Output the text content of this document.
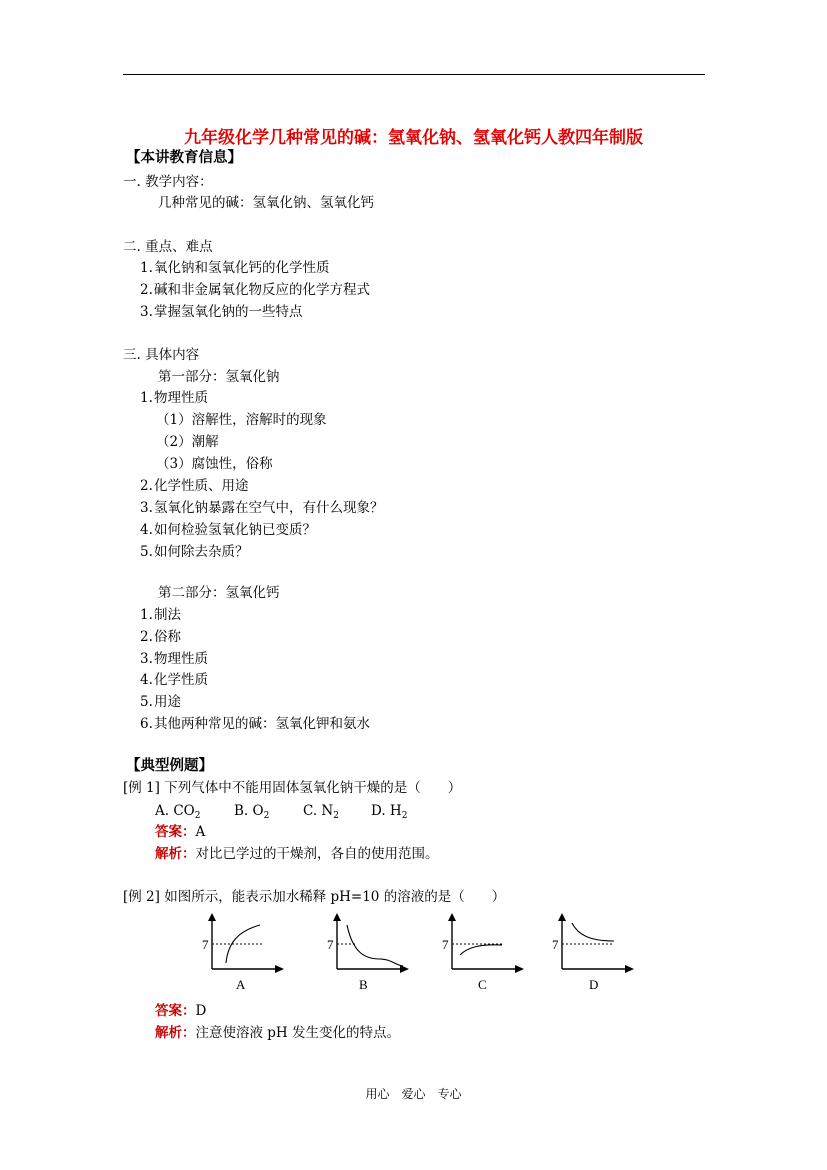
九年级化学几种常见的碱：氢氧化钠、氢氧化钙人教四年制版
【本讲教育信息】
一. 教学内容：
几种常见的碱：氢氧化钠、氢氧化钙
二. 重点、难点
1.氧化钠和氢氧化钙的化学性质
2.碱和非金属氧化物反应的化学方程式
3.掌握氢氧化钠的一些特点
三. 具体内容
第一部分：氢氧化钠
1.物理性质
（1）溶解性，溶解时的现象
（2）潮解
（3）腐蚀性，俗称
2.化学性质、用途
3.氢氧化钠暴露在空气中，有什么现象？
4.如何检验氢氧化钠已变质？
5.如何除去杂质？
第二部分：氢氧化钙
1.制法
2.俗称
3.物理性质
4.化学性质
5.用途
6.其他两种常见的碱：氢氧化钾和氨水
【典型例题】
[例 1] 下列气体中不能用固体氢氧化钠干燥的是（　　）
A. $CO_2$ B. $O_2$ C. $N_2$ D. $H_2$
答案：A
解析：对比已学过的干燥剂，各自的使用范围。
[例 2] 如图所示，能表示加水稀释 pH=10 的溶液的是（　　）
7
A
7
B
7
C
7
D
答案：D
解析：注意使溶液 pH 发生变化的特点。
用心　爱心　专心
